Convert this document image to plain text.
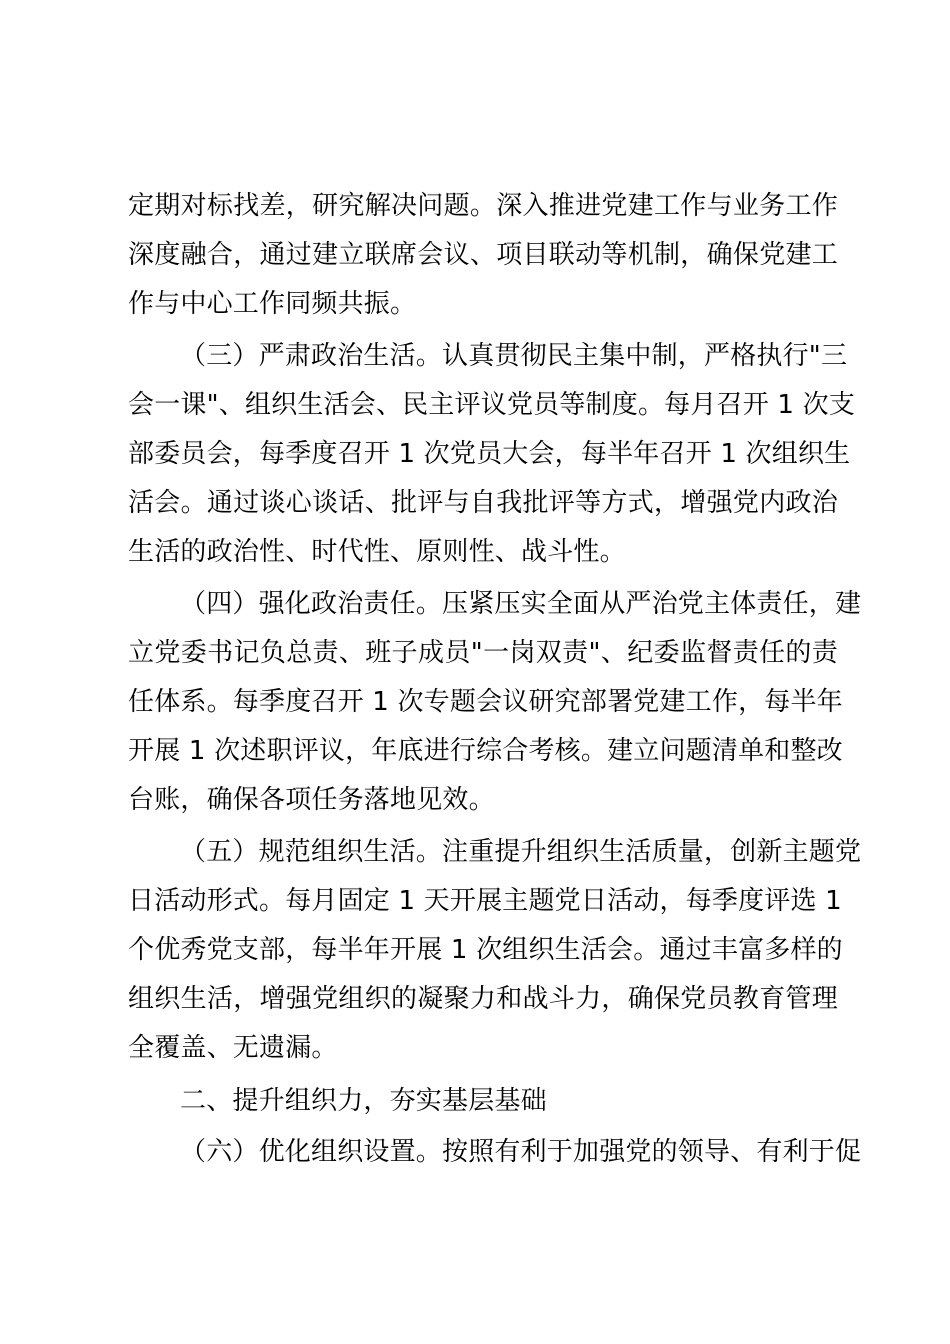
定期对标找差，研究解决问题。深入推进党建工作与业务工作
深度融合，通过建立联席会议、项目联动等机制，确保党建工
作与中心工作同频共振。
（三）严肃政治生活。认真贯彻民主集中制，严格执行"三
会一课"、组织生活会、民主评议党员等制度。每月召开 1 次支
部委员会，每季度召开 1 次党员大会，每半年召开 1 次组织生
活会。通过谈心谈话、批评与自我批评等方式，增强党内政治
生活的政治性、时代性、原则性、战斗性。
（四）强化政治责任。压紧压实全面从严治党主体责任，建
立党委书记负总责、班子成员"一岗双责"、纪委监督责任的责
任体系。每季度召开 1 次专题会议研究部署党建工作，每半年
开展 1 次述职评议，年底进行综合考核。建立问题清单和整改
台账，确保各项任务落地见效。
（五）规范组织生活。注重提升组织生活质量，创新主题党
日活动形式。每月固定 1 天开展主题党日活动，每季度评选 1
个优秀党支部，每半年开展 1 次组织生活会。通过丰富多样的
组织生活，增强党组织的凝聚力和战斗力，确保党员教育管理
全覆盖、无遗漏。
二、提升组织力，夯实基层基础
（六）优化组织设置。按照有利于加强党的领导、有利于促
